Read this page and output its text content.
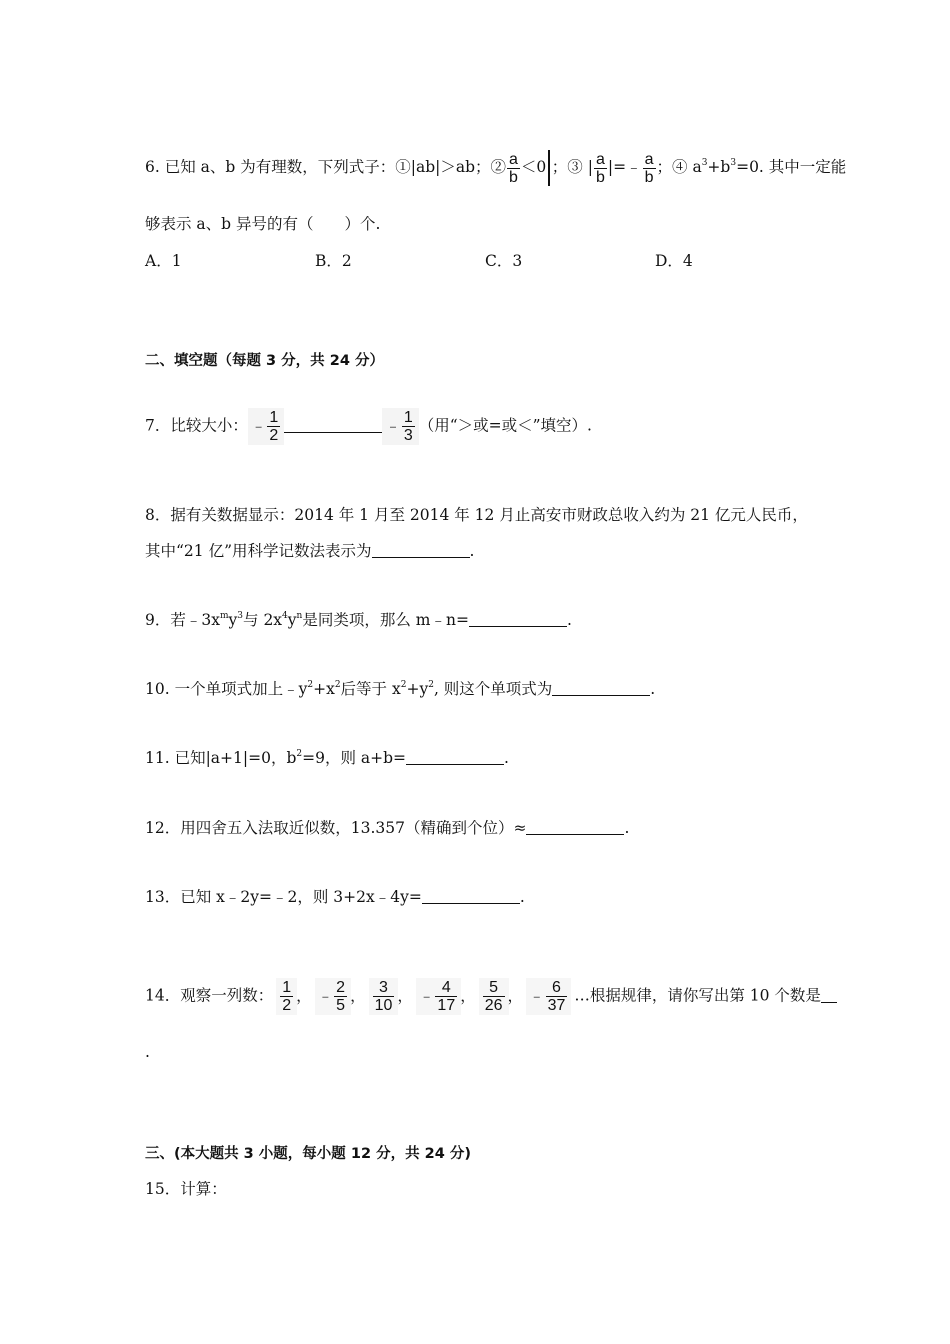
6. 已知 a、b 为有理数，下列式子：①|ab|＞ab；② $\frac{a}{b} <0$ ；③ | $\frac{a}{b}$ |=﹣ $\frac{a}{b}$ ；④ $a^3+b^3=0$. 其中一定能
够表示 a、b 异号的有（　　）个.
A．1	B．2	C．3	D．4
二、填空题（每题 3 分，共 24 分）
7．比较大小： ﹣ $\frac{1}{2}$	﹣ $\frac{1}{3}$ （用“＞或=或＜”填空）.
8．据有关数据显示：2014 年 1 月至 2014 年 12 月止高安市财政总收入约为 21 亿元人民币，
其中“21 亿”用科学记数法表示为	.
9．若$﹣3x^my^3$与 $2x^4y^n$是同类项，那么 m﹣n=	.
10. 一个单项式加上$﹣y^2+x^2$后等于 $x^2+y^2$, 则这个单项式为	.
11. 已知|a+1|=0，$b^2=9$，则 a+b=	.
12．用四舍五入法取近似数，13.357（精确到个位）≈	.
13．已知 x﹣2y=﹣2，则 3+2x﹣4y=	.
14．观察一列数： $\frac{1}{2}$ ， ﹣ $\frac{2}{5}$ ， $\frac{3}{10}$ ， ﹣ $\frac{4}{17}$ ， $\frac{5}{26}$ ， ﹣ $\frac{6}{37}$ …根据规律，请你写出第 10 个数是
.
三、(本大题共 3 小题，每小题 12 分，共 24 分)
15．计算：
